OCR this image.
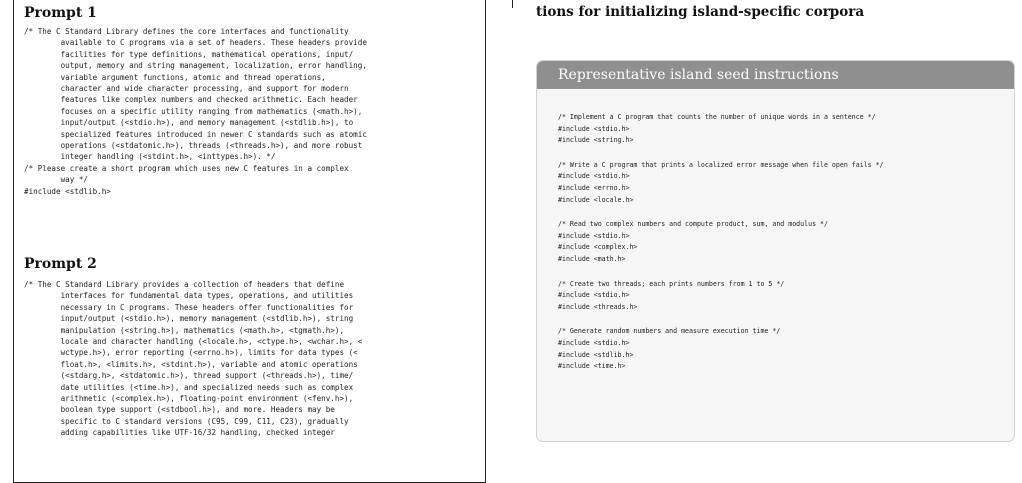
Prompt 1
/* The C Standard Library defines the core interfaces and functionality
available to C programs via a set of headers. These headers provide
facilities for type definitions, mathematical operations, input/
output, memory and string management, localization, error handling,
variable argument functions, atomic and thread operations,
character and wide character processing, and support for modern
features like complex numbers and checked arithmetic. Each header
focuses on a specific utility ranging from mathematics (<math.h>),
input/output (<stdio.h>), and memory management (<stdlib.h>), to
specialized features introduced in newer C standards such as atomic
operations (<stdatomic.h>), threads (<threads.h>), and more robust
integer handling (<stdint.h>, <inttypes.h>). */
/* Please create a short program which uses new C features in a complex
way */
#include <stdlib.h>
Prompt 2
/* The C Standard Library provides a collection of headers that define
interfaces for fundamental data types, operations, and utilities
necessary in C programs. These headers offer functionalities for
input/output (<stdio.h>), memory management (<stdlib.h>), string
manipulation (<string.h>), mathematics (<math.h>, <tgmath.h>),
locale and character handling (<locale.h>, <ctype.h>, <wchar.h>, <
wctype.h>), error reporting (<errno.h>), limits for data types (<
float.h>, <limits.h>, <stdint.h>), variable and atomic operations
(<stdarg.h>, <stdatomic.h>), thread support (<threads.h>), time/
date utilities (<time.h>), and specialized needs such as complex
arithmetic (<complex.h>), floating-point environment (<fenv.h>),
boolean type support (<stdbool.h>), and more. Headers may be
specific to C standard versions (C95, C99, C11, C23), gradually
adding capabilities like UTF-16/32 handling, checked integer

tions for initializing island-specific corpora

Representative island seed instructions
/* Implement a C program that counts the number of unique words in a sentence */
#include <stdio.h>
#include <string.h>
/* Write a C program that prints a localized error message when file open fails */
#include <stdio.h>
#include <errno.h>
#include <locale.h>
/* Read two complex numbers and compute product, sum, and modulus */
#include <stdio.h>
#include <complex.h>
#include <math.h>
/* Create two threads; each prints numbers from 1 to 5 */
#include <stdio.h>
#include <threads.h>
/* Generate random numbers and measure execution time */
#include <stdio.h>
#include <stdlib.h>
#include <time.h>
